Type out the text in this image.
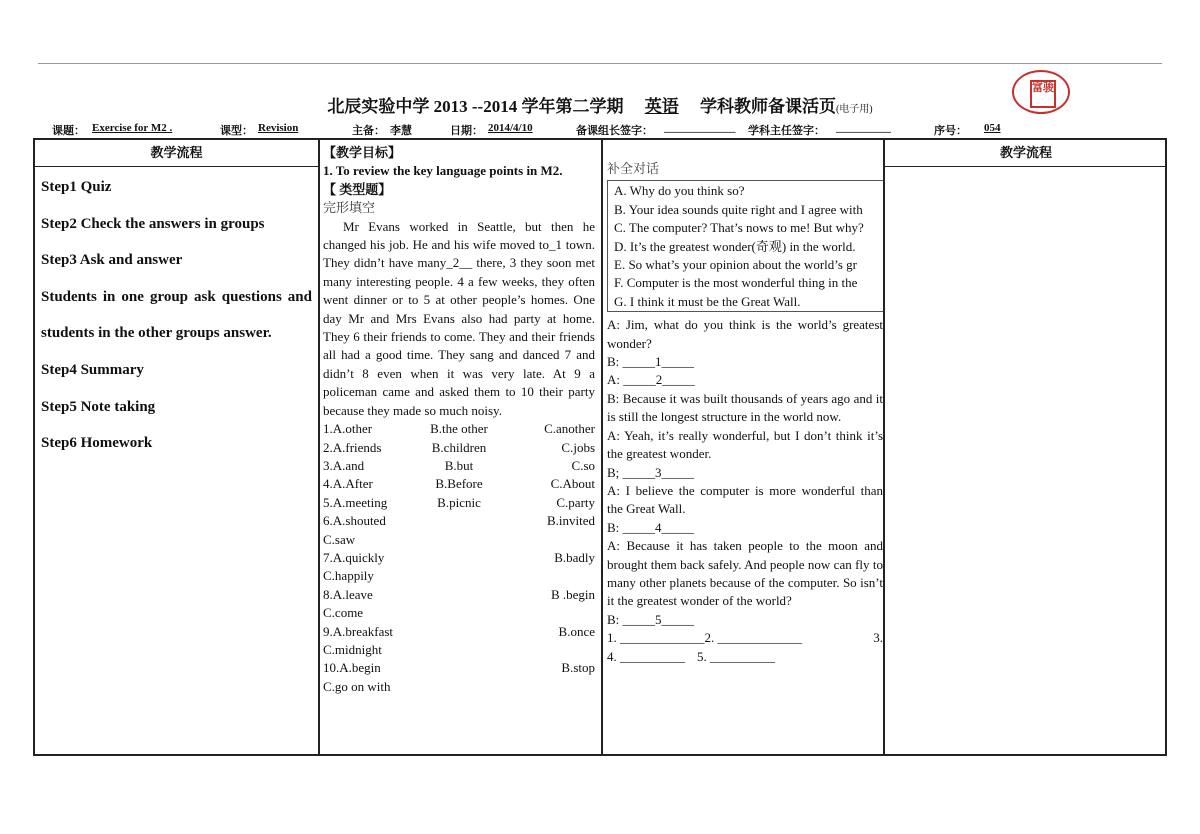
北辰实验中学 2013 --2014 学年第二学期 英语 学科教师备课活页(电子用)
富骏
课题： Exercise for M2 .	课型： Revision	主备： 李慧	日期： 2014/4/10	备课组长签字： _____________ 学科主任签字： __________	序号： 054
教学流程	教学流程

Step1 Quiz

Step2 Check the answers in groups

Step3 Ask and answer

Students in one group ask questions and students in the other groups answer.

Step4 Summary

Step5 Note taking

Step6 Homework

【教学目标】
1. To review the key language points in M2.
【 类型题】
完形填空
Mr Evans worked in Seattle, but then he changed his job. He and his wife moved to_1 town. They didn’t have many_2__ there, 3 they soon met many interesting people. 4 a few weeks, they often went dinner or to 5 at other people’s homes. One day Mr and Mrs Evans also had party at home. They 6 their friends to come. They and their friends all had a good time. They sang and danced 7 and didn’t 8 even when it was very late. At 9 a policeman came and asked them to 10 their party because they made so much noisy.
1.A.other	B.the other	C.another
2.A.friends	B.children	C.jobs
3.A.and	B.but	C.so
4.A.After	B.Before	C.About
5.A.meeting	B.picnic	C.party
6.A.shouted	B.invited
C.saw
7.A.quickly	B.badly
C.happily
8.A.leave	B .begin
C.come
9.A.breakfast	B.once
C.midnight
10.A.begin	B.stop
C.go on with
补全对话
A. Why do you think so?
B. Your idea sounds quite right and I agree with
C. The computer? That’s nows to me! But why?
D. It’s the greatest wonder(奇观) in the world.
E. So what’s your opinion about the world’s gr
F. Computer is the most wonderful thing in the
G. I think it must be the Great Wall.
A: Jim, what do you think is the world’s greatest wonder?
B: _____1_____
A: _____2_____
B: Because it was built thousands of years ago and it is still the longest structure in the world now.
A: Yeah, it’s really wonderful, but I don’t think it’s the greatest wonder.
B; _____3_____
A: I believe the computer is more wonderful than the Great Wall.
B: _____4_____
A: Because it has taken people to the moon and brought them back safely. And people now can fly to many other planets because of the computer. So isn’t it the greatest wonder of the world?
B: _____5_____
1. _____________ 2. _____________	3.
4. __________ 5. __________
